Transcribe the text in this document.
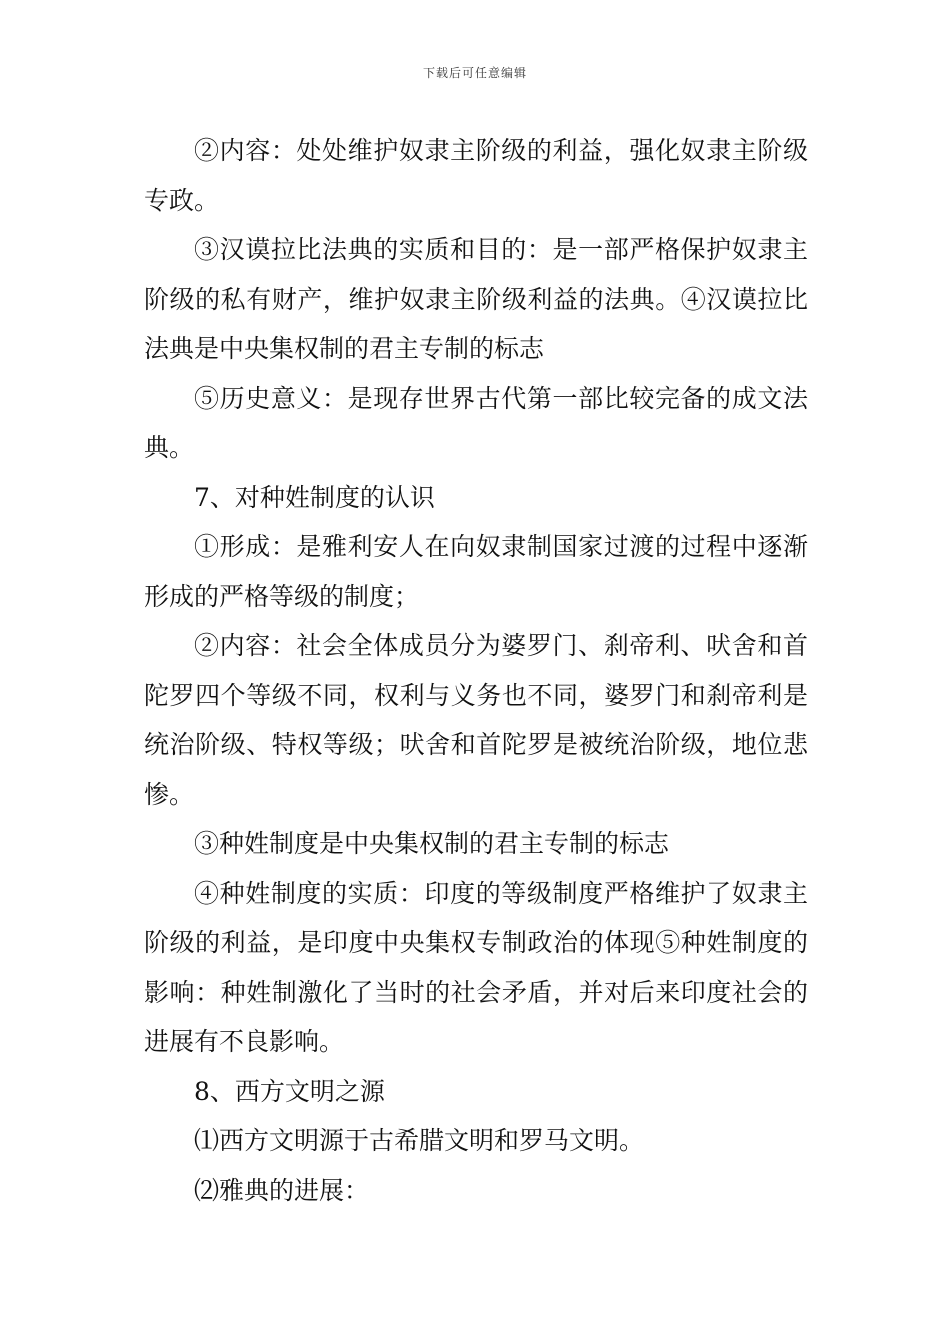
下载后可任意编辑

②内容：处处维护奴隶主阶级的利益，强化奴隶主阶级专政。

③汉谟拉比法典的实质和目的：是一部严格保护奴隶主阶级的私有财产，维护奴隶主阶级利益的法典。④汉谟拉比法典是中央集权制的君主专制的标志

⑤历史意义：是现存世界古代第一部比较完备的成文法典。

7、对种姓制度的认识

①形成：是雅利安人在向奴隶制国家过渡的过程中逐渐形成的严格等级的制度；

②内容：社会全体成员分为婆罗门、刹帝利、吠舍和首陀罗四个等级不同，权利与义务也不同，婆罗门和刹帝利是统治阶级、特权等级；吠舍和首陀罗是被统治阶级，地位悲惨。

③种姓制度是中央集权制的君主专制的标志

④种姓制度的实质：印度的等级制度严格维护了奴隶主阶级的利益，是印度中央集权专制政治的体现⑤种姓制度的影响：种姓制激化了当时的社会矛盾，并对后来印度社会的进展有不良影响。

8、西方文明之源

⑴西方文明源于古希腊文明和罗马文明。

⑵雅典的进展：
